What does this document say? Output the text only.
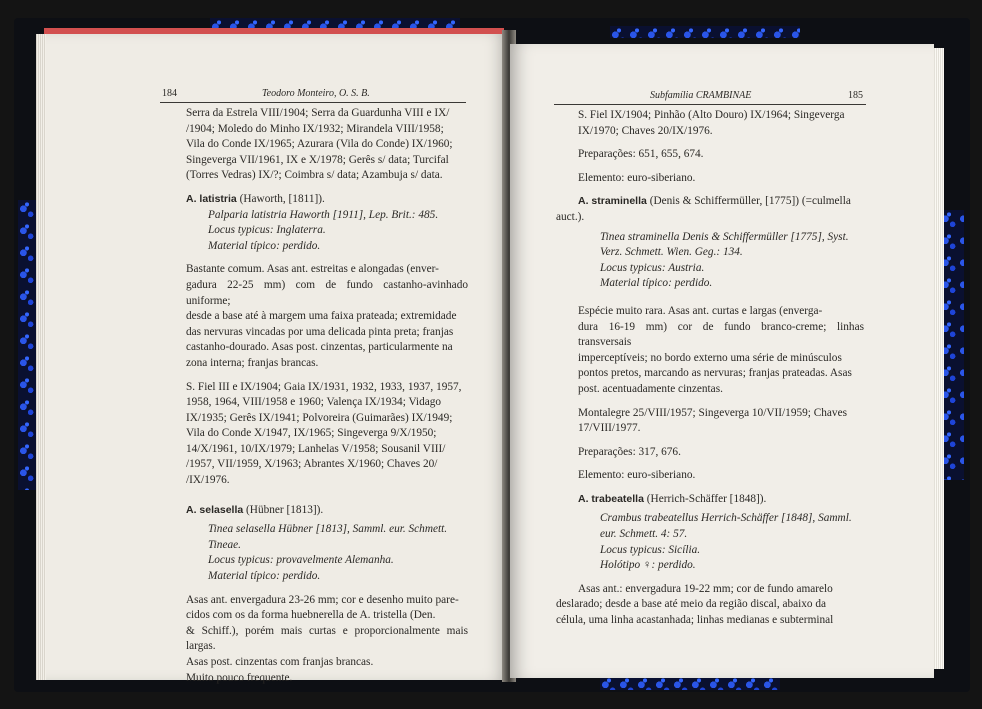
184	Teodoro Monteiro, O. S. B.

Serra da Estrela VIII/1904; Serra da Guardunha VIII e IX/

/1904; Moledo do Minho IX/1932; Mirandela VIII/1958;

Vila do Conde IX/1965; Azurara (Vila do Conde) IX/1960;

Singeverga VII/1961, IX e X/1978; Gerês s/ data; Turcifal

(Torres Vedras) IX/?; Coimbra s/ data; Azambuja s/ data.

A. latistria (Haworth, [1811]).

Palparia latistria Haworth [1911], Lep. Brit.: 485.

Locus typicus: Inglaterra.

Material típico: perdido.

Bastante comum. Asas ant. estreitas e alongadas (enver-

gadura 22-25 mm) com de fundo castanho-avinhado uniforme;

desde a base até à margem uma faixa prateada; extremidade

das nervuras vincadas por uma delicada pinta preta; franjas

castanho-dourado. Asas post. cinzentas, particularmente na

zona interna; franjas brancas.

S. Fiel III e IX/1904; Gaia IX/1931, 1932, 1933, 1937, 1957,

1958, 1964, VIII/1958 e 1960; Valença IX/1934; Vidago

IX/1935; Gerês IX/1941; Polvoreira (Guimarães) IX/1949;

Vila do Conde X/1947, IX/1965; Singeverga 9/X/1950;

14/X/1961, 10/IX/1979; Lanhelas V/1958; Sousanil VIII/

/1957, VII/1959, X/1963; Abrantes X/1960; Chaves 20/

/IX/1976.

A. selasella (Hübner [1813]).

Tinea selasella Hübner [1813], Samml. eur. Schmett.

Tineae.

Locus typicus: provavelmente Alemanha.

Material típico: perdido.

Asas ant. envergadura 23-26 mm; cor e desenho muito pare-

cidos com os da forma huebnerella de A. tristella (Den.

& Schiff.), porém mais curtas e proporcionalmente mais largas.

Asas post. cinzentas com franjas brancas.

Muito pouco frequente.

Subfamília CRAMBINAE	185

S. Fiel IX/1904; Pinhão (Alto Douro) IX/1964; Singeverga

IX/1970; Chaves 20/IX/1976.

Preparações: 651, 655, 674.

Elemento: euro-siberiano.

A. straminella (Denis & Schiffermüller, [1775]) (=culmella

auct.).

Tinea straminella Denis & Schiffermüller [1775], Syst.

Verz. Schmett. Wien. Geg.: 134.

Locus typicus: Austria.

Material típico: perdido.

Espécie muito rara. Asas ant. curtas e largas (enverga-

dura 16-19 mm) cor de fundo branco-creme; linhas transversais

imperceptíveis; no bordo externo uma série de minúsculos

pontos pretos, marcando as nervuras; franjas prateadas. Asas

post. acentuadamente cinzentas.

Montalegre 25/VIII/1957; Singeverga 10/VII/1959; Chaves

17/VIII/1977.

Preparações: 317, 676.

Elemento: euro-siberiano.

A. trabeatella (Herrich-Schäffer [1848]).

Crambus trabeatellus Herrich-Schäffer [1848], Samml.

eur. Schmett. 4: 57.

Locus typicus: Sicília.

Holótipo ♀: perdido.

Asas ant.: envergadura 19-22 mm; cor de fundo amarelo

deslarado; desde a base até meio da região discal, abaixo da

célula, uma linha acastanhada; linhas medianas e subterminal
